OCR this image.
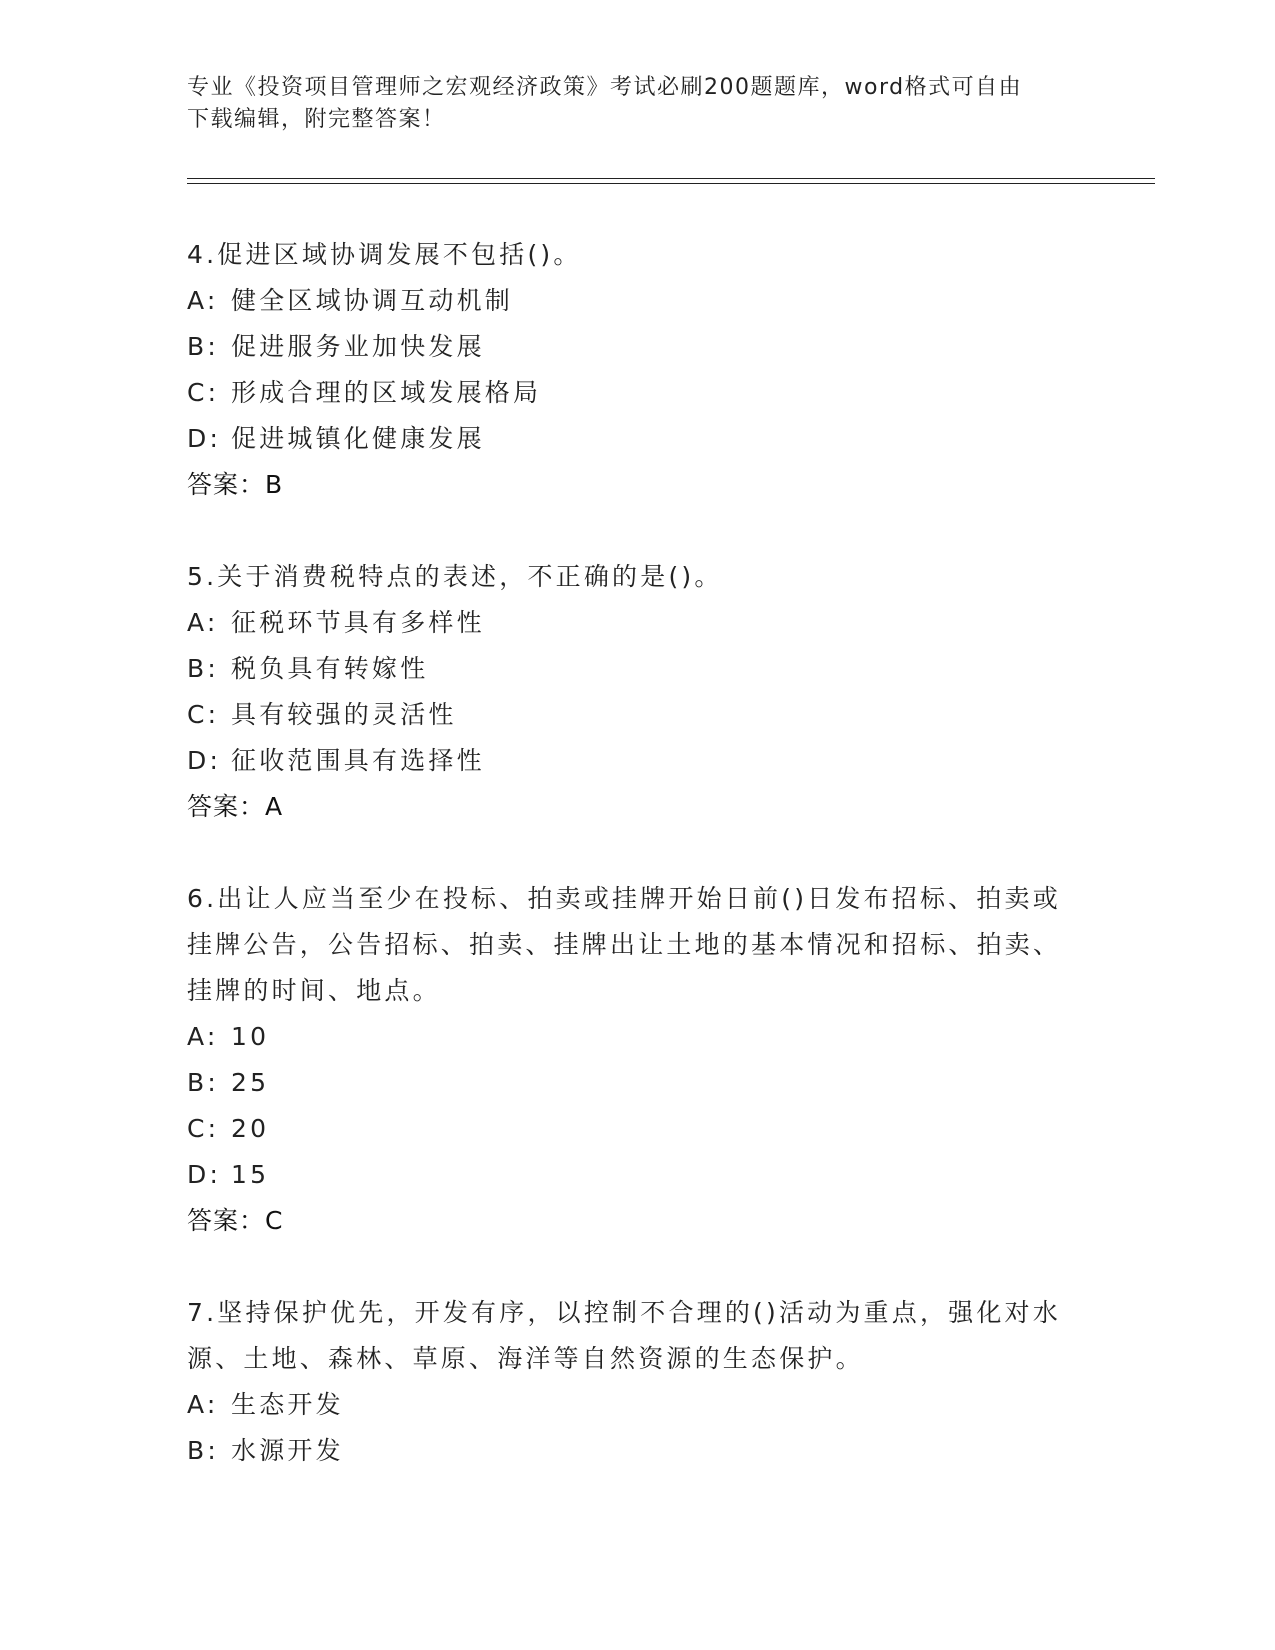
专业《投资项目管理师之宏观经济政策》考试必刷200题题库，word格式可自由
下载编辑，附完整答案！
4.促进区域协调发展不包括()。
A: 健全区域协调互动机制
B: 促进服务业加快发展
C: 形成合理的区域发展格局
D: 促进城镇化健康发展
答案：B
5.关于消费税特点的表述，不正确的是()。
A: 征税环节具有多样性
B: 税负具有转嫁性
C: 具有较强的灵活性
D: 征收范围具有选择性
答案：A
6.出让人应当至少在投标、拍卖或挂牌开始日前()日发布招标、拍卖或挂牌公告，公告招标、拍卖、挂牌出让土地的基本情况和招标、拍卖、挂牌的时间、地点。
A: 10
B: 25
C: 20
D: 15
答案：C
7.坚持保护优先，开发有序，以控制不合理的()活动为重点，强化对水源、土地、森林、草原、海洋等自然资源的生态保护。
A: 生态开发
B: 水源开发
